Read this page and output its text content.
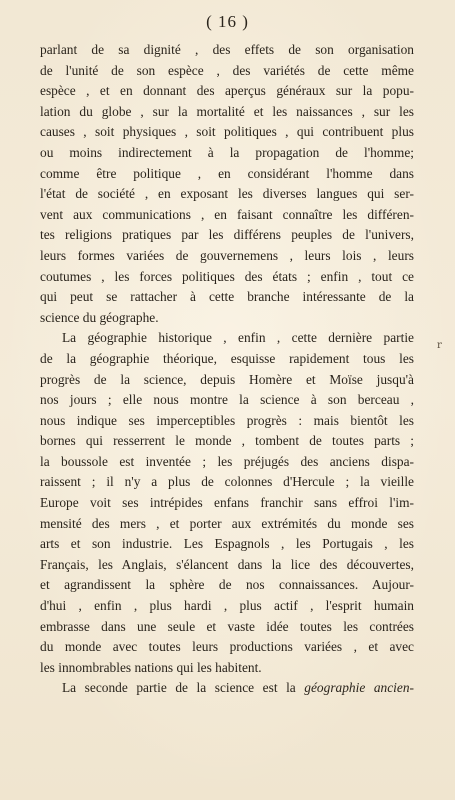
( 16 )
r
parlant de sa dignité , des effets de son organisation
de l'unité de son espèce , des variétés de cette même
espèce , et en donnant des aperçus généraux sur la popu-
lation du globe , sur la mortalité et les naissances , sur les
causes , soit physiques , soit politiques , qui contribuent plus
ou moins indirectement à la propagation de l'homme;
comme être politique , en considérant l'homme dans
l'état de société , en exposant les diverses langues qui ser-
vent aux communications , en faisant connaître les différen-
tes religions pratiques par les différens peuples de l'univers,
leurs formes variées de gouvernemens , leurs lois , leurs
coutumes , les forces politiques des états ; enfin , tout ce
qui peut se rattacher à cette branche intéressante de la
science du géographe.
La géographie historique , enfin , cette dernière partie
de la géographie théorique, esquisse rapidement tous les
progrès de la science, depuis Homère et Moïse jusqu'à
nos jours ; elle nous montre la science à son berceau ,
nous indique ses imperceptibles progrès : mais bientôt les
bornes qui resserrent le monde , tombent de toutes parts ;
la boussole est inventée ; les préjugés des anciens dispa-
raissent ; il n'y a plus de colonnes d'Hercule ; la vieille
Europe voit ses intrépides enfans franchir sans effroi l'im-
mensité des mers , et porter aux extrémités du monde ses
arts et son industrie. Les Espagnols , les Portugais , les
Français, les Anglais, s'élancent dans la lice des découvertes,
et agrandissent la sphère de nos connaissances. Aujour-
d'hui , enfin , plus hardi , plus actif , l'esprit humain
embrasse dans une seule et vaste idée toutes les contrées
du monde avec toutes leurs productions variées , et avec
les innombrables nations qui les habitent.
La seconde partie de la science est la géographie ancien-
